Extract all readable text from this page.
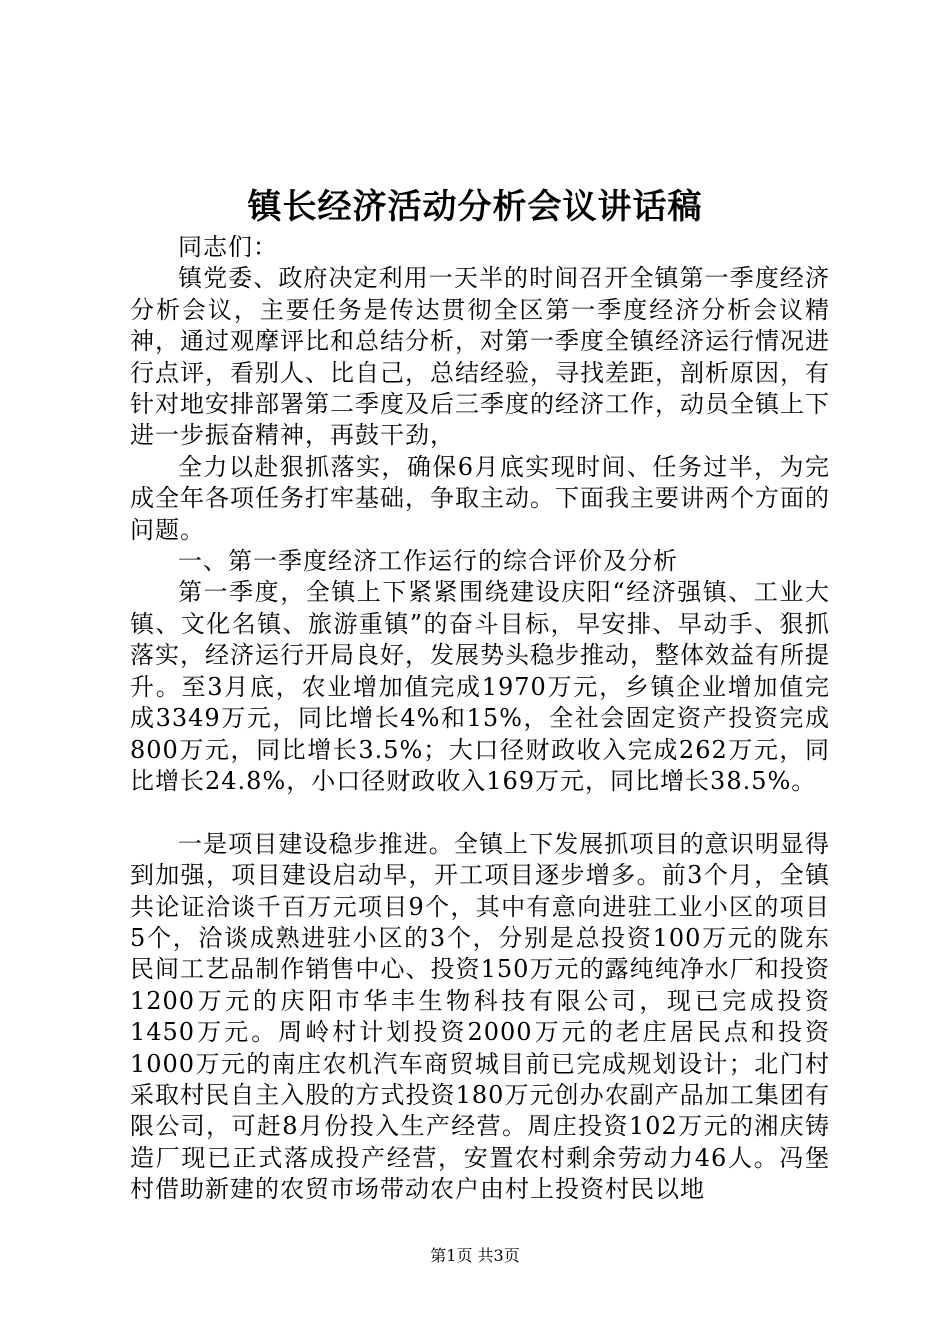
镇长经济活动分析会议讲话稿

同志们：

镇党委、政府决定利用一天半的时间召开全镇第一季度经济分析会议，主要任务是传达贯彻全区第一季度经济分析会议精神，通过观摩评比和总结分析，对第一季度全镇经济运行情况进行点评，看别人、比自己，总结经验，寻找差距，剖析原因，有针对地安排部署第二季度及后三季度的经济工作，动员全镇上下进一步振奋精神，再鼓干劲，

全力以赴狠抓落实，确保6月底实现时间、任务过半，为完成全年各项任务打牢基础，争取主动。下面我主要讲两个方面的问题。

一、第一季度经济工作运行的综合评价及分析

第一季度，全镇上下紧紧围绕建设庆阳“经济强镇、工业大镇、文化名镇、旅游重镇”的奋斗目标，早安排、早动手、狠抓落实，经济运行开局良好，发展势头稳步推动，整体效益有所提升。至3月底，农业增加值完成1970万元，乡镇企业增加值完成3349万元，同比增长4%和15%，全社会固定资产投资完成800万元，同比增长3.5%；大口径财政收入完成262万元，同比增长24.8%，小口径财政收入169万元，同比增长38.5%。

一是项目建设稳步推进。全镇上下发展抓项目的意识明显得到加强，项目建设启动早，开工项目逐步增多。前3个月，全镇共论证洽谈千百万元项目9个，其中有意向进驻工业小区的项目5个，洽谈成熟进驻小区的3个，分别是总投资100万元的陇东民间工艺品制作销售中心、投资150万元的露纯纯净水厂和投资1200万元的庆阳市华丰生物科技有限公司，现已完成投资1450万元。周岭村计划投资2000万元的老庄居民点和投资1000万元的南庄农机汽车商贸城目前已完成规划设计；北门村采取村民自主入股的方式投资180万元创办农副产品加工集团有限公司，可赶8月份投入生产经营。周庄投资102万元的湘庆铸造厂现已正式落成投产经营，安置农村剩余劳动力46人。冯堡村借助新建的农贸市场带动农户由村上投资村民以地

第1页 共3页
